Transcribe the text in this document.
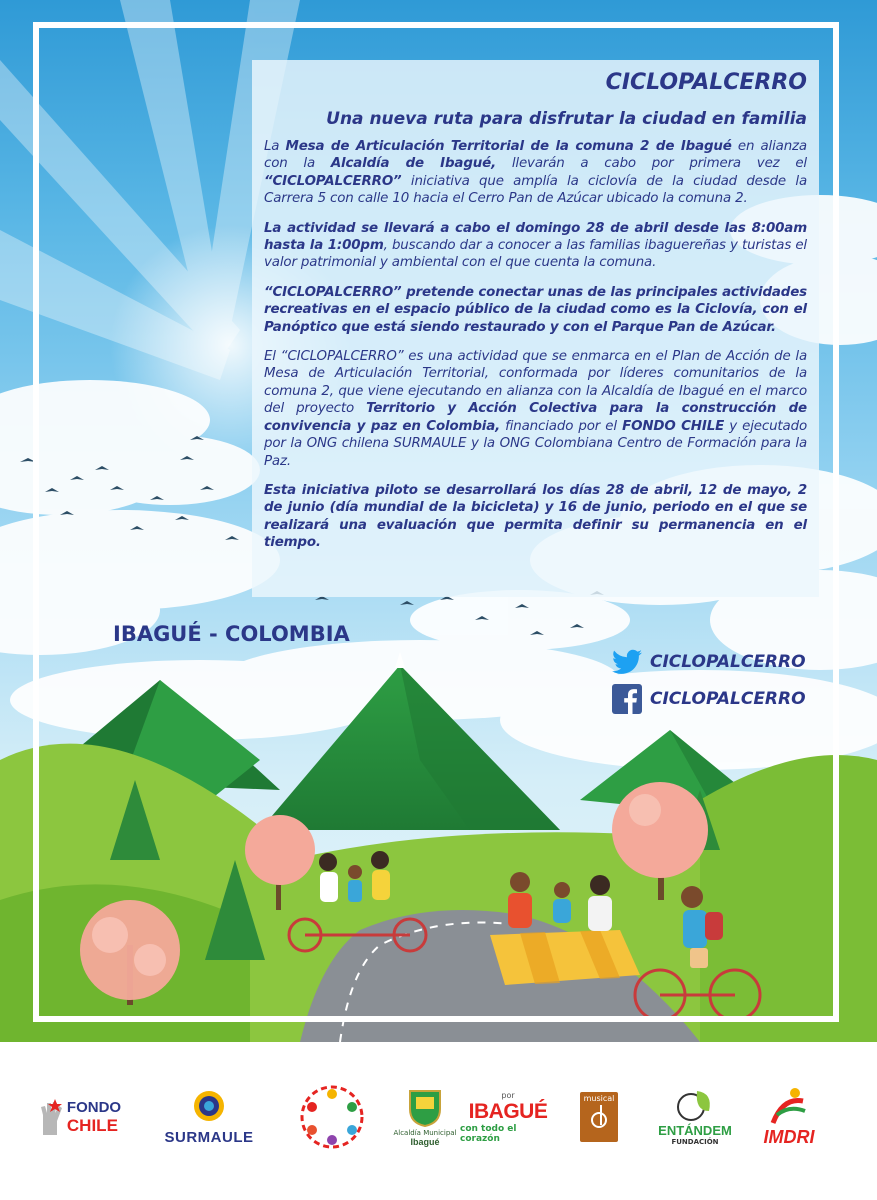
CICLOPALCERRO

Una nueva ruta para disfrutar la ciudad en familia

La Mesa de Articulación Territorial de la comuna 2 de Ibagué en alianza con la Alcaldía de Ibagué, llevarán a cabo por primera vez el “CICLOPALCERRO” iniciativa que amplía la ciclovía de la ciudad desde la Carrera 5 con calle 10 hacia el Cerro Pan de Azúcar ubicado la comuna 2.

La actividad se llevará a cabo el domingo 28 de abril desde las 8:00am hasta la 1:00pm, buscando dar a conocer a las familias ibaguereñas y turistas el valor patrimonial y ambiental con el que cuenta la comuna.

“CICLOPALCERRO” pretende conectar unas de las principales actividades recreativas en el espacio público de la ciudad como es la Ciclovía, con el Panóptico que está siendo restaurado y con el Parque Pan de Azúcar.

El “CICLOPALCERRO” es una actividad que se enmarca en el Plan de Acción de la Mesa de Articulación Territorial, conformada por líderes comunitarios de la comuna 2, que viene ejecutando en alianza con la Alcaldía de Ibagué en el marco del proyecto Territorio y Acción Colectiva para la construcción de convivencia y paz en Colombia, financiado por el FONDO CHILE y ejecutado por la ONG chilena SURMAULE y la ONG Colombiana Centro de Formación para la Paz.

Esta iniciativa piloto se desarrollará los días 28 de abril, 12 de mayo, 2 de junio (día mundial de la bicicleta) y 16 de junio, periodo en el que se realizará una evaluación que permita definir su permanencia en el tiempo.

IBAGUÉ - COLOMBIA

CICLOPALCERRO
CICLOPALCERRO
FONDO
CHILE
SURMAULE	Alcaldía Municipal
Ibagué
por
IBAGUÉ
con todo el corazón
musical
ENTÁNDEM
FUNDACIÓN IMDRI
